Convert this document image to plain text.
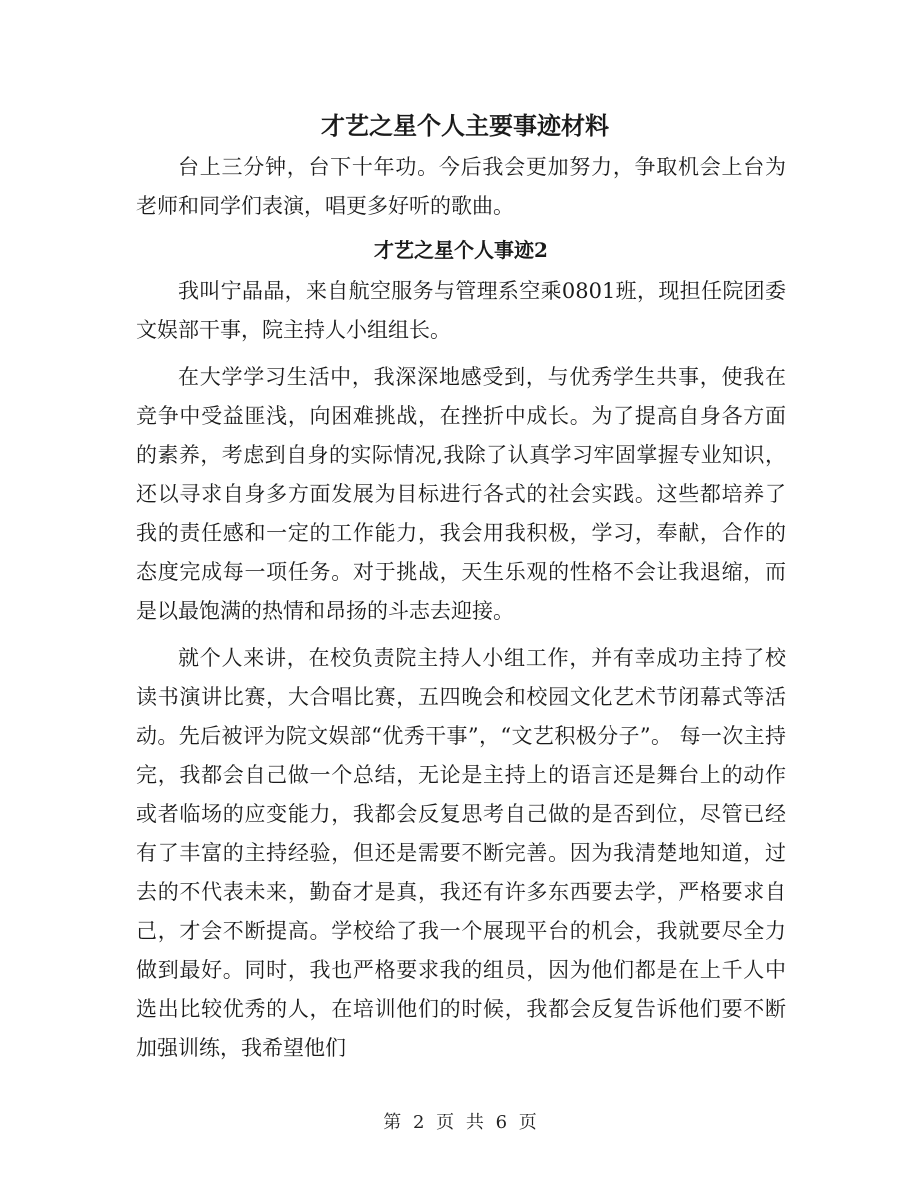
才艺之星个人主要事迹材料

台上三分钟，台下十年功。今后我会更加努力，争取机会上台为老师和同学们表演，唱更多好听的歌曲。

才艺之星个人事迹2

我叫宁晶晶，来自航空服务与管理系空乘0801班，现担任院团委文娱部干事，院主持人小组组长。

在大学学习生活中，我深深地感受到，与优秀学生共事，使我在竞争中受益匪浅，向困难挑战，在挫折中成长。为了提高自身各方面的素养，考虑到自身的实际情况,我除了认真学习牢固掌握专业知识，还以寻求自身多方面发展为目标进行各式的社会实践。这些都培养了我的责任感和一定的工作能力，我会用我积极，学习，奉献，合作的态度完成每一项任务。对于挑战，天生乐观的性格不会让我退缩，而是以最饱满的热情和昂扬的斗志去迎接。

就个人来讲，在校负责院主持人小组工作，并有幸成功主持了校读书演讲比赛，大合唱比赛，五四晚会和校园文化艺术节闭幕式等活动。先后被评为院文娱部“优秀干事”，“文艺积极分子”。 每一次主持完，我都会自己做一个总结，无论是主持上的语言还是舞台上的动作或者临场的应变能力，我都会反复思考自己做的是否到位，尽管已经有了丰富的主持经验，但还是需要不断完善。因为我清楚地知道，过去的不代表未来，勤奋才是真，我还有许多东西要去学，严格要求自己，才会不断提高。学校给了我一个展现平台的机会，我就要尽全力做到最好。同时，我也严格要求我的组员，因为他们都是在上千人中选出比较优秀的人，在培训他们的时候，我都会反复告诉他们要不断加强训练，我希望他们

第 2 页 共 6 页
